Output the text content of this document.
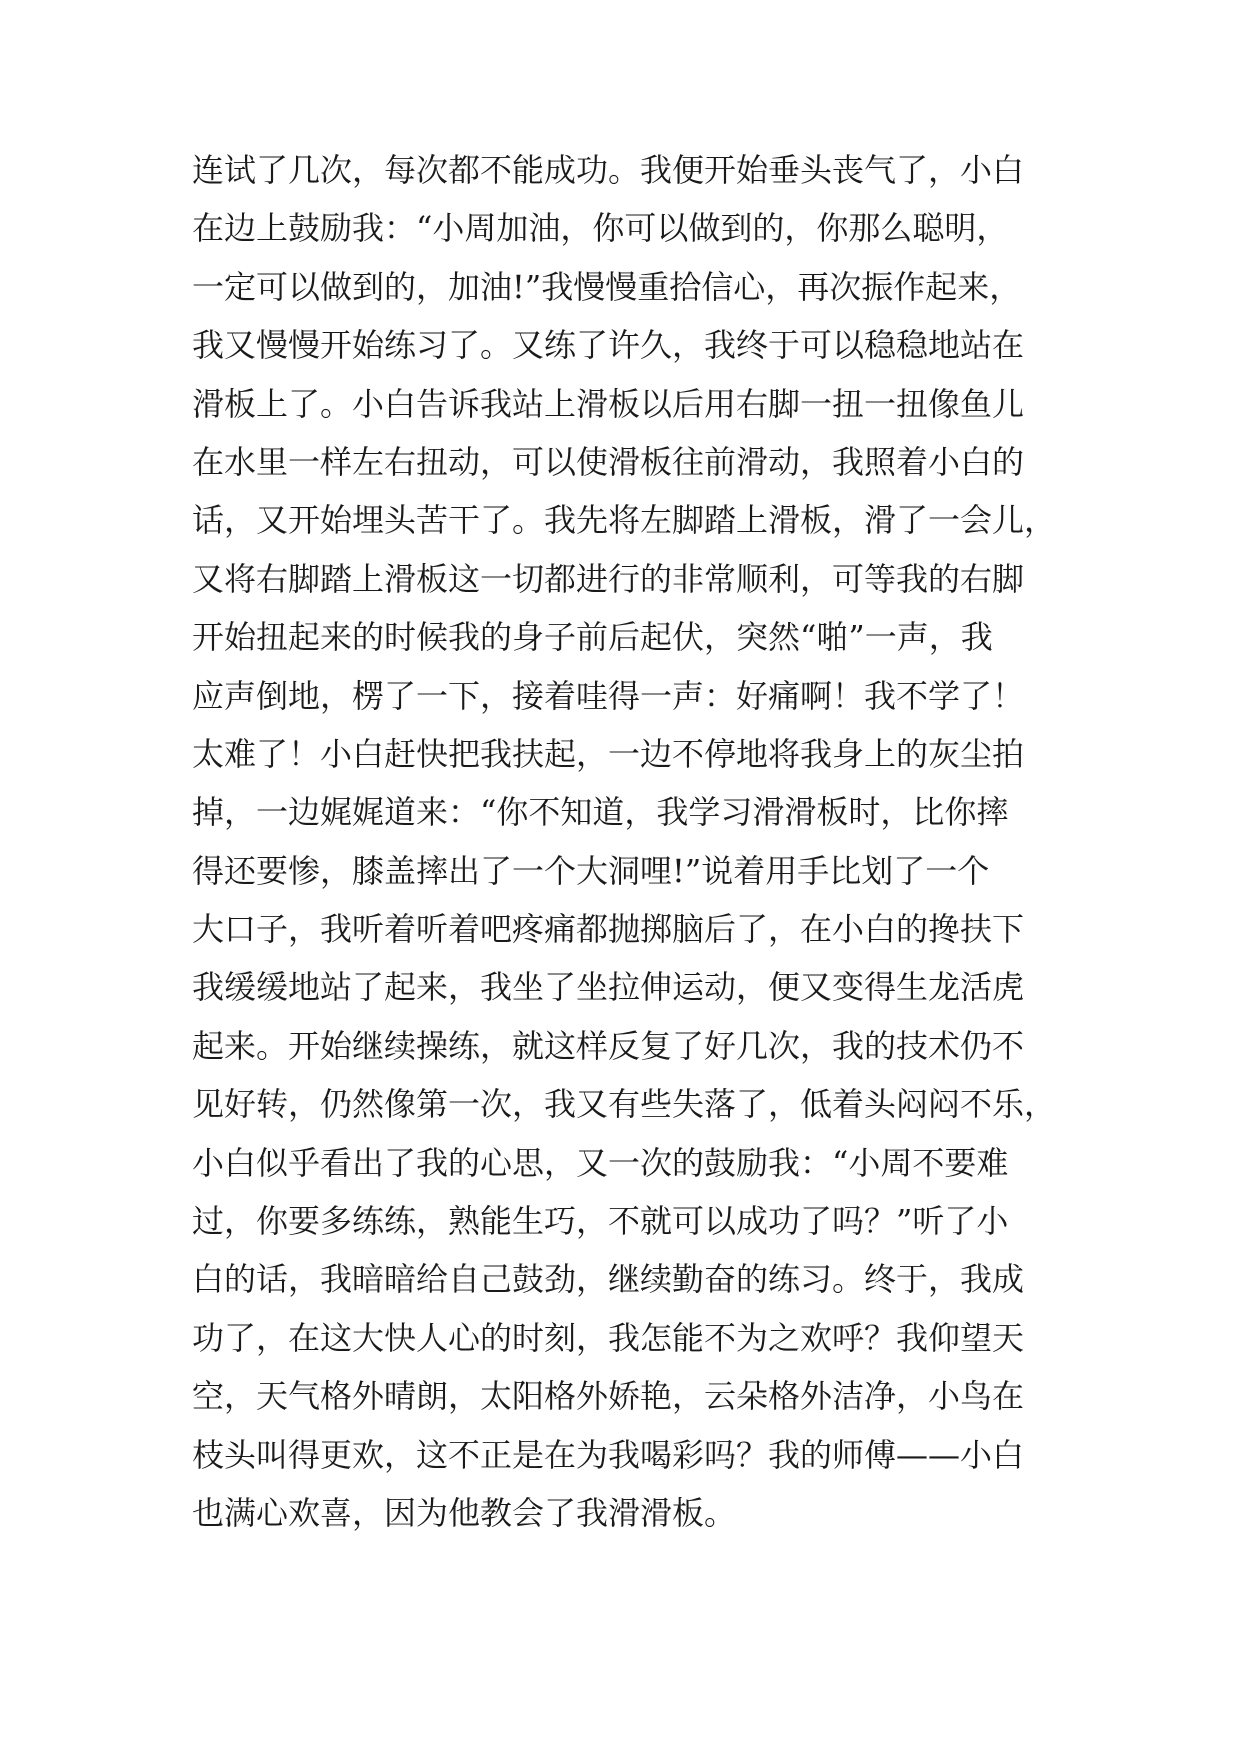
连试了几次，每次都不能成功。我便开始垂头丧气了，小白
在边上鼓励我：“小周加油，你可以做到的，你那么聪明，
一定可以做到的，加油!”我慢慢重拾信心，再次振作起来，
我又慢慢开始练习了。又练了许久，我终于可以稳稳地站在
滑板上了。小白告诉我站上滑板以后用右脚一扭一扭像鱼儿
在水里一样左右扭动，可以使滑板往前滑动，我照着小白的
话，又开始埋头苦干了。我先将左脚踏上滑板，滑了一会儿，
又将右脚踏上滑板这一切都进行的非常顺利，可等我的右脚
开始扭起来的时候我的身子前后起伏，突然“啪”一声，我
应声倒地，楞了一下，接着哇得一声：好痛啊！我不学了！
太难了！小白赶快把我扶起，一边不停地将我身上的灰尘拍
掉，一边娓娓道来：“你不知道，我学习滑滑板时，比你摔
得还要惨，膝盖摔出了一个大洞哩!”说着用手比划了一个
大口子，我听着听着吧疼痛都抛掷脑后了，在小白的搀扶下
我缓缓地站了起来，我坐了坐拉伸运动，便又变得生龙活虎
起来。开始继续操练，就这样反复了好几次，我的技术仍不
见好转，仍然像第一次，我又有些失落了，低着头闷闷不乐，
小白似乎看出了我的心思，又一次的鼓励我：“小周不要难
过，你要多练练，熟能生巧，不就可以成功了吗？”听了小
白的话，我暗暗给自己鼓劲，继续勤奋的练习。终于，我成
功了，在这大快人心的时刻，我怎能不为之欢呼？我仰望天
空，天气格外晴朗，太阳格外娇艳，云朵格外洁净，小鸟在
枝头叫得更欢，这不正是在为我喝彩吗？我的师傅——小白
也满心欢喜，因为他教会了我滑滑板。
